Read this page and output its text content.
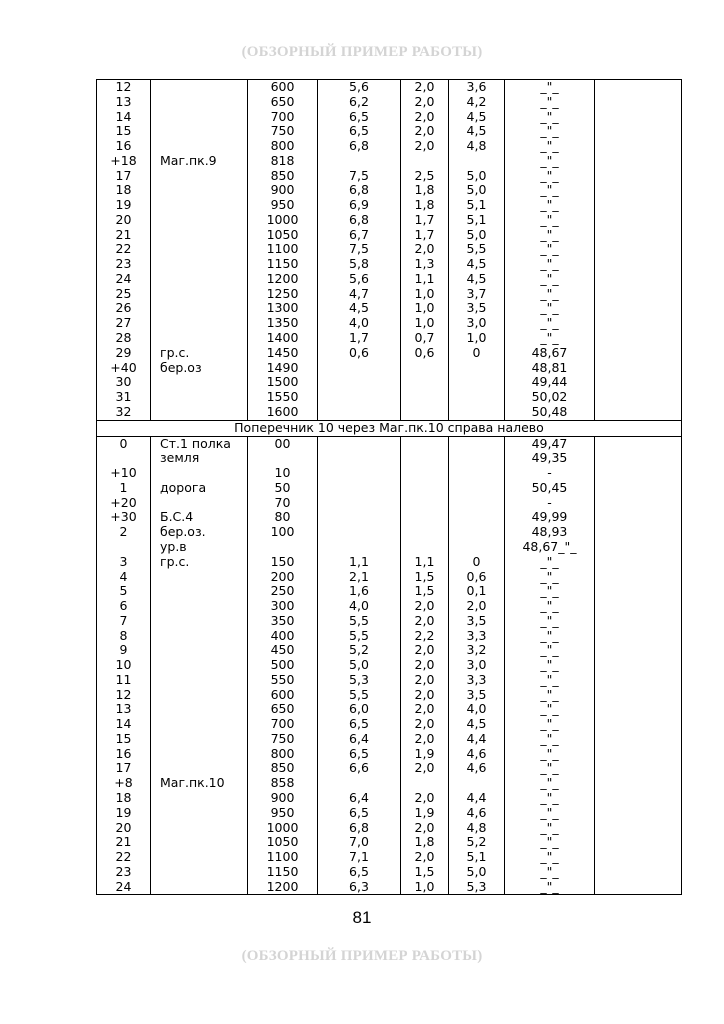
(ОБЗОРНЫЙ ПРИМЕР РАБОТЫ)
12		600	5,6	2,0	3,6	_"_	
13		650	6,2	2,0	4,2	_"_	
14		700	6,5	2,0	4,5	_"_	
15		750	6,5	2,0	4,5	_"_	
16		800	6,8	2,0	4,8	_"_	
+18	Маг.пк.9	818				_"_	
17		850	7,5	2,5	5,0	_"_	
18		900	6,8	1,8	5,0	_"_	
19		950	6,9	1,8	5,1	_"_	
20		1000	6,8	1,7	5,1	_"_	
21		1050	6,7	1,7	5,0	_"_	
22		1100	7,5	2,0	5,5	_"_	
23		1150	5,8	1,3	4,5	_"_	
24		1200	5,6	1,1	4,5	_"_	
25		1250	4,7	1,0	3,7	_"_	
26		1300	4,5	1,0	3,5	_"_	
27		1350	4,0	1,0	3,0	_"_	
28		1400	1,7	0,7	1,0	_"_	
29	гр.с.	1450	0,6	0,6	0	48,67	
+40	бер.оз	1490				48,81	
30		1500				49,44	
31		1550				50,02	
32		1600				50,48	
Поперечник 10 через Маг.пк.10 справа налево							
0	Ст.1 полка	00				49,47	
	земля					49,35	
+10		10				-	
1	дорога	50				50,45	
+20		70				-	
+30	Б.С.4	80				49,99	
2	бер.оз.	100				48,93	
	ур.в					48,67_"_	
3	гр.с.	150	1,1	1,1	0	_"_	
4		200	2,1	1,5	0,6	_"_	
5		250	1,6	1,5	0,1	_"_	
6		300	4,0	2,0	2,0	_"_	
7		350	5,5	2,0	3,5	_"_	
8		400	5,5	2,2	3,3	_"_	
9		450	5,2	2,0	3,2	_"_	
10		500	5,0	2,0	3,0	_"_	
11		550	5,3	2,0	3,3	_"_	
12		600	5,5	2,0	3,5	_"_	
13		650	6,0	2,0	4,0	_"_	
14		700	6,5	2,0	4,5	_"_	
15		750	6,4	2,0	4,4	_"_	
16		800	6,5	1,9	4,6	_"_	
17		850	6,6	2,0	4,6	_"_	
+8	Маг.пк.10	858				_"_	
18		900	6,4	2,0	4,4	_"_	
19		950	6,5	1,9	4,6	_"_	
20		1000	6,8	2,0	4,8	_"_	
21		1050	7,0	1,8	5,2	_"_	
22		1100	7,1	2,0	5,1	_"_	
23		1150	6,5	1,5	5,0	_"_	
24		1200	6,3	1,0	5,3	_"_	
81
(ОБЗОРНЫЙ ПРИМЕР РАБОТЫ)
